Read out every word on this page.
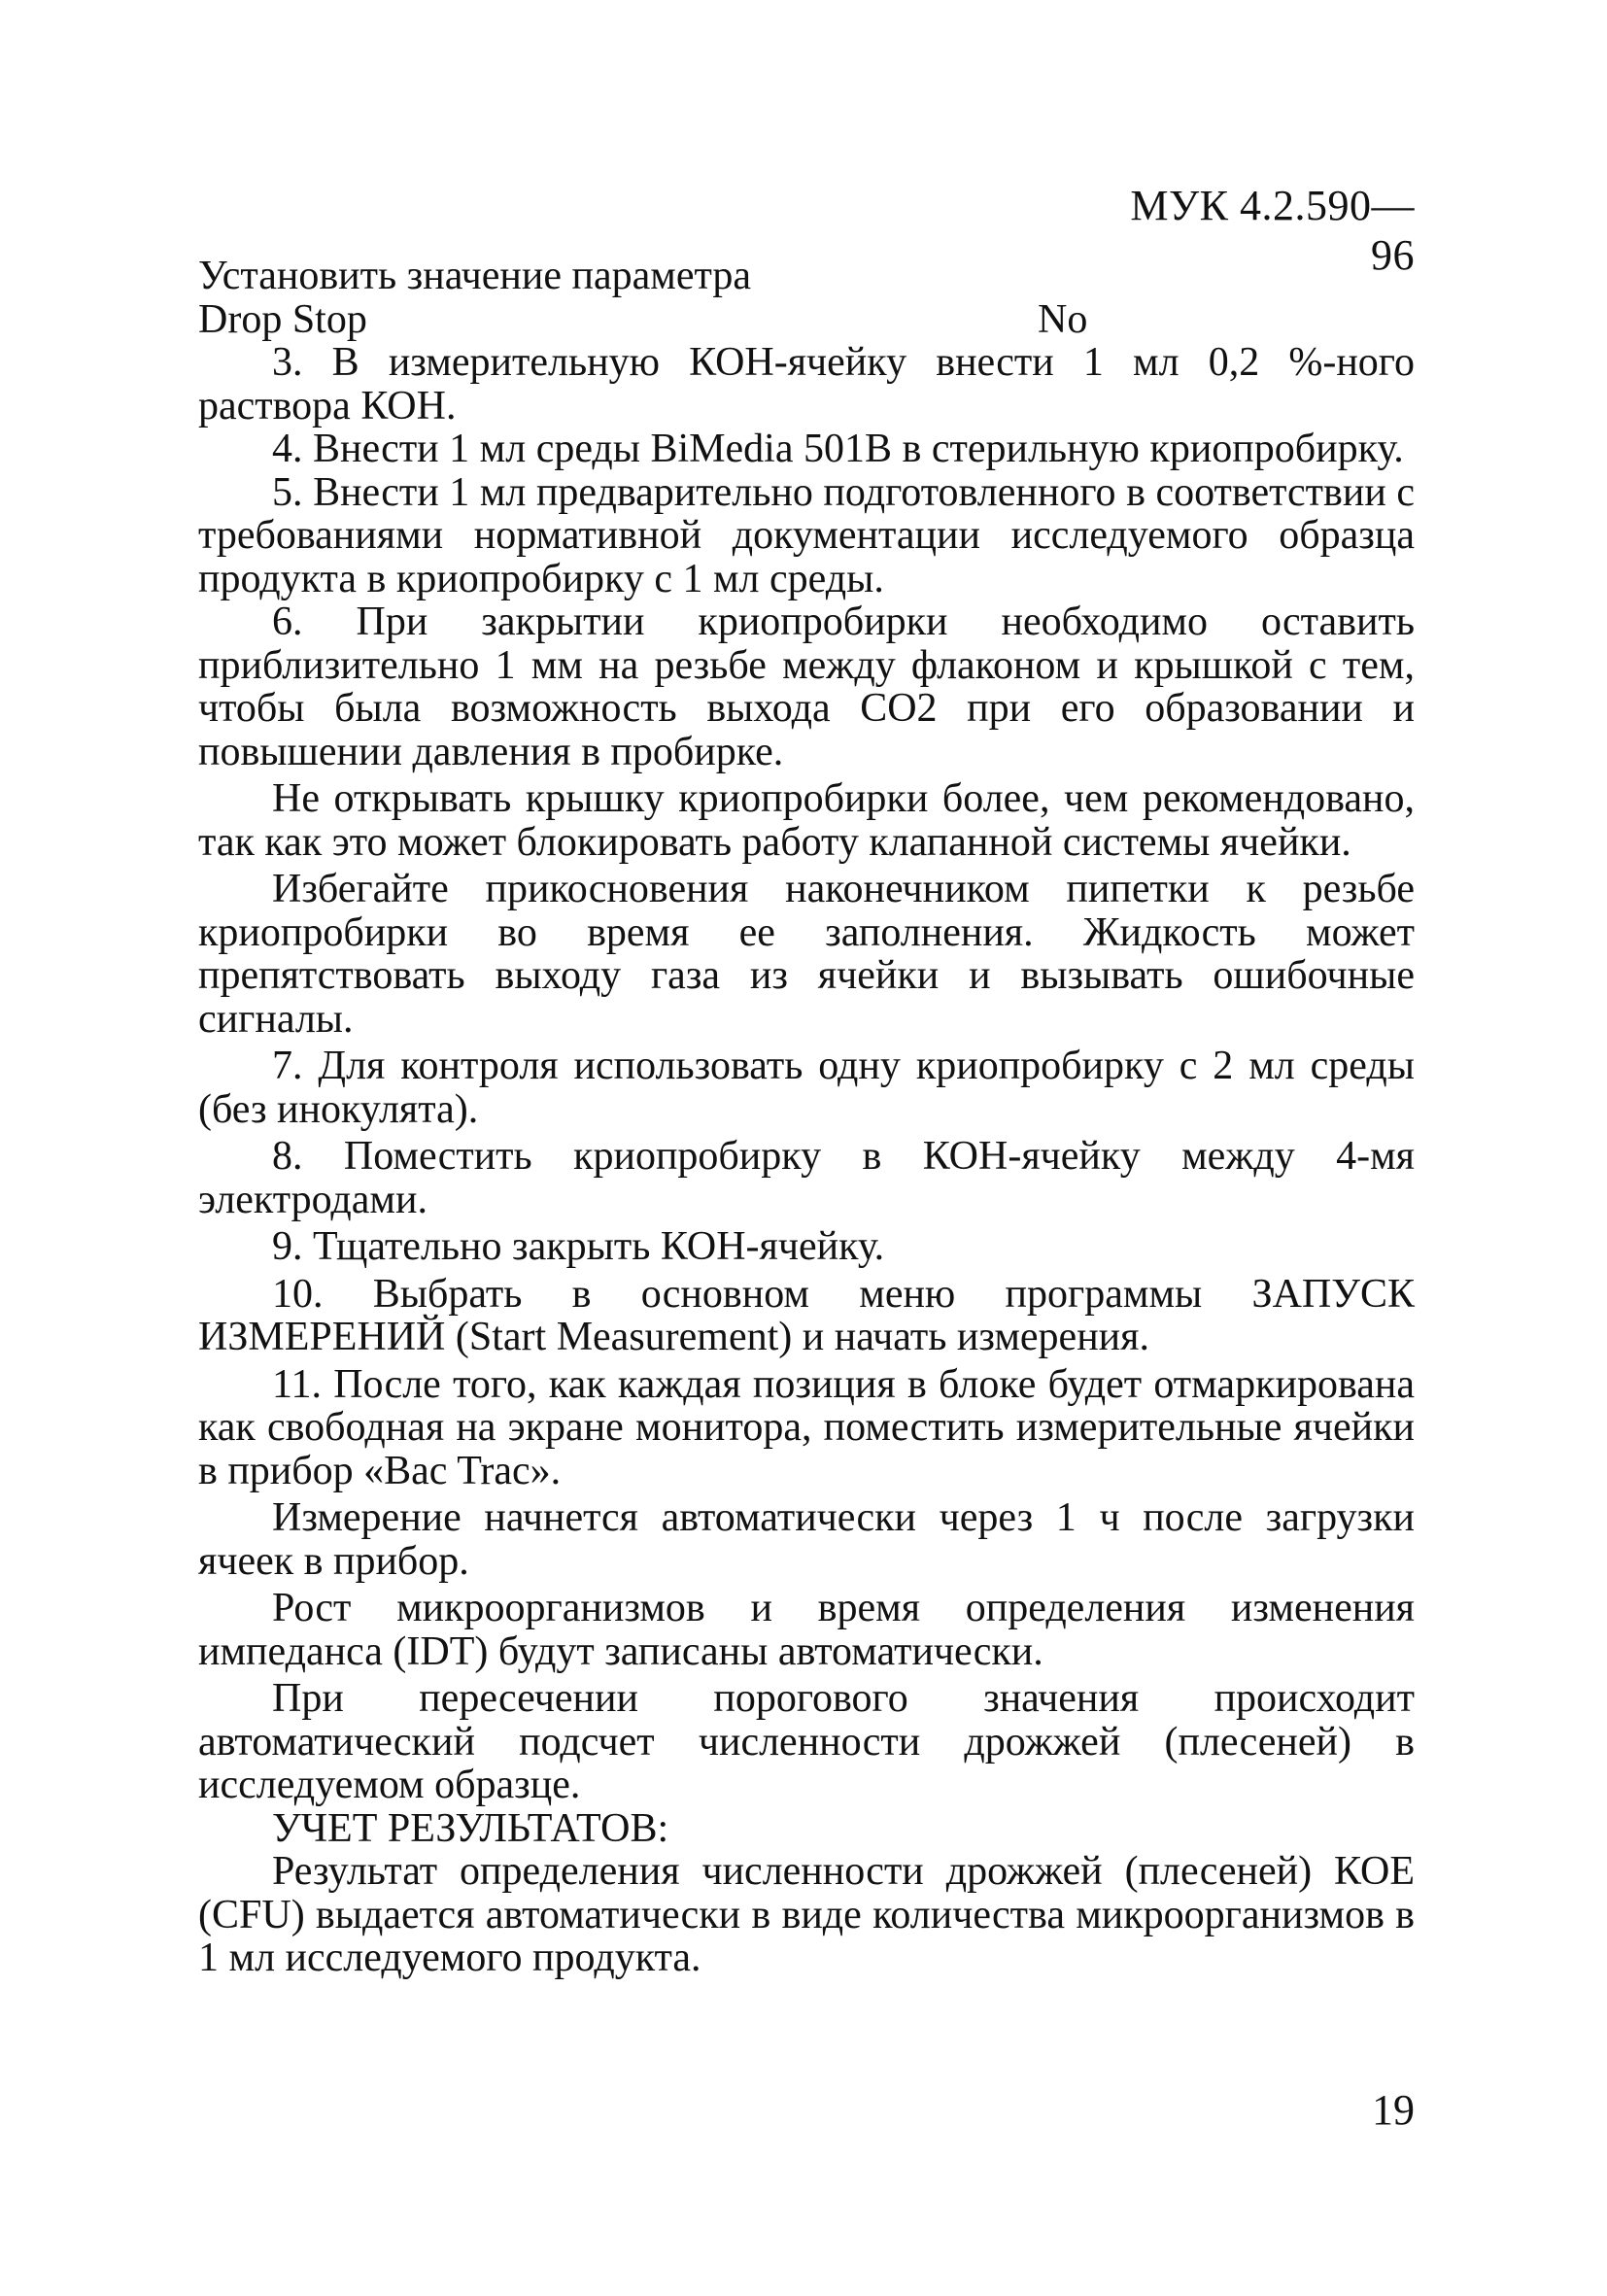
МУК 4.2.590—96

Установить значение параметра

Drop Stop	No

3. В измерительную КОН-ячейку внести 1 мл 0,2 %-ного раствора КОН.

4. Внести 1 мл среды BiMedia 501B в стерильную криопробирку.

5. Внести 1 мл предварительно подготовленного в соответствии с требованиями нормативной документации исследуемого образца продукта в криопробирку с 1 мл среды.

6. При закрытии криопробирки необходимо оставить приблизительно 1 мм на резьбе между флаконом и крышкой с тем, чтобы была возможность выхода CO2 при его образовании и повышении давления в пробирке.

Не открывать крышку криопробирки более, чем рекомендовано, так как это может блокировать работу клапанной системы ячейки.

Избегайте прикосновения наконечником пипетки к резьбе криопробирки во время ее заполнения. Жидкость может препятствовать выходу газа из ячейки и вызывать ошибочные сигналы.

7. Для контроля использовать одну криопробирку с 2 мл среды (без инокулята).

8. Поместить криопробирку в КОН-ячейку между 4-мя электродами.

9. Тщательно закрыть КОН-ячейку.

10. Выбрать в основном меню программы ЗАПУСК ИЗМЕРЕНИЙ (Start Measurement) и начать измерения.

11. После того, как каждая позиция в блоке будет отмаркирована как свободная на экране монитора, поместить измерительные ячейки в прибор «Bac Trac».

Измерение начнется автоматически через 1 ч после загрузки ячеек в прибор.

Рост микроорганизмов и время определения изменения импеданса (IDT) будут записаны автоматически.

При пересечении порогового значения происходит автоматический подсчет численности дрожжей (плесеней) в исследуемом образце.

УЧЕТ РЕЗУЛЬТАТОВ:

Результат определения численности дрожжей (плесеней) КОЕ (CFU) выдается автоматически в виде количества микроорганизмов в 1 мл исследуемого продукта.

19
